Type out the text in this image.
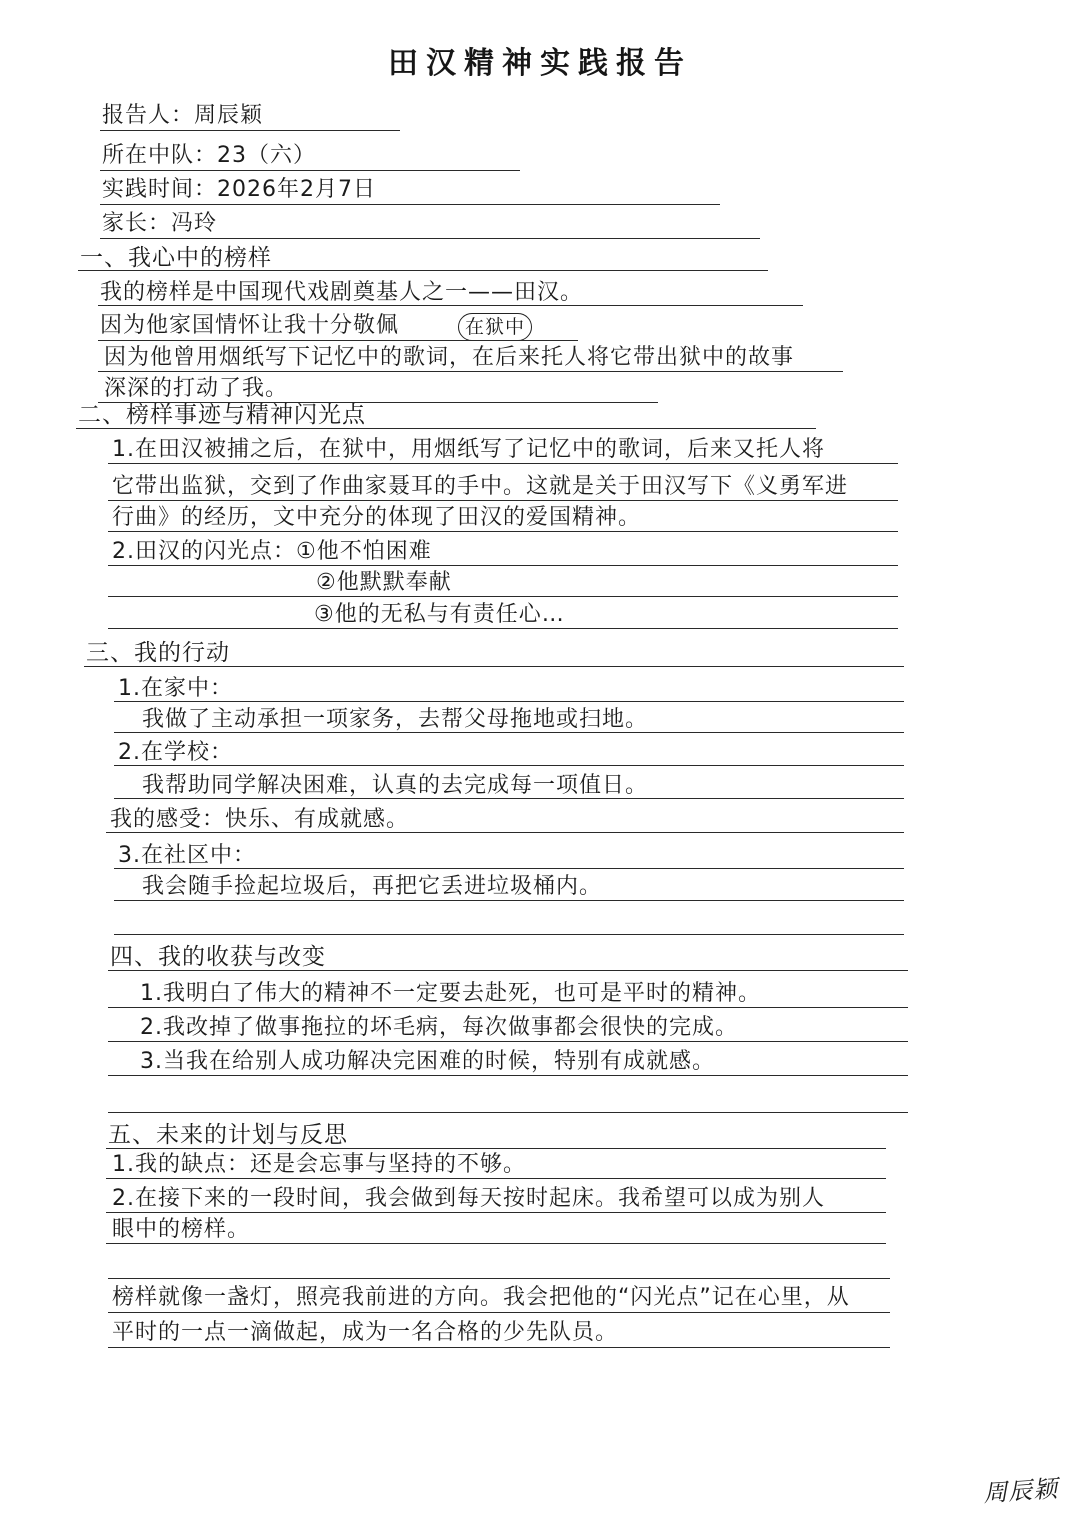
田汉精神实践报告
报告人：周辰颖
所在中队：23（六）
实践时间：2026年2月7日
家长：冯玲
一、我心中的榜样
我的榜样是中国现代戏剧奠基人之一——田汉。
因为他家国情怀让我十分敬佩	在狱中
因为他曾用烟纸写下记忆中的歌词，在后来托人将它带出狱中的故事
深深的打动了我。
二、榜样事迹与精神闪光点
1.在田汉被捕之后，在狱中，用烟纸写了记忆中的歌词，后来又托人将
它带出监狱，交到了作曲家聂耳的手中。这就是关于田汉写下《义勇军进
行曲》的经历，文中充分的体现了田汉的爱国精神。
2.田汉的闪光点：①他不怕困难
②他默默奉献
③他的无私与有责任心…
三、我的行动
1.在家中：
我做了主动承担一项家务，去帮父母拖地或扫地。
2.在学校：
我帮助同学解决困难，认真的去完成每一项值日。
我的感受：快乐、有成就感。
3.在社区中：
我会随手捡起垃圾后，再把它丢进垃圾桶内。
四、我的收获与改变
1.我明白了伟大的精神不一定要去赴死，也可是平时的精神。
2.我改掉了做事拖拉的坏毛病，每次做事都会很快的完成。
3.当我在给别人成功解决完困难的时候，特别有成就感。
五、未来的计划与反思
1.我的缺点：还是会忘事与坚持的不够。
2.在接下来的一段时间，我会做到每天按时起床。我希望可以成为别人
眼中的榜样。
榜样就像一盏灯，照亮我前进的方向。我会把他的“闪光点”记在心里，从
平时的一点一滴做起，成为一名合格的少先队员。
周辰颖
